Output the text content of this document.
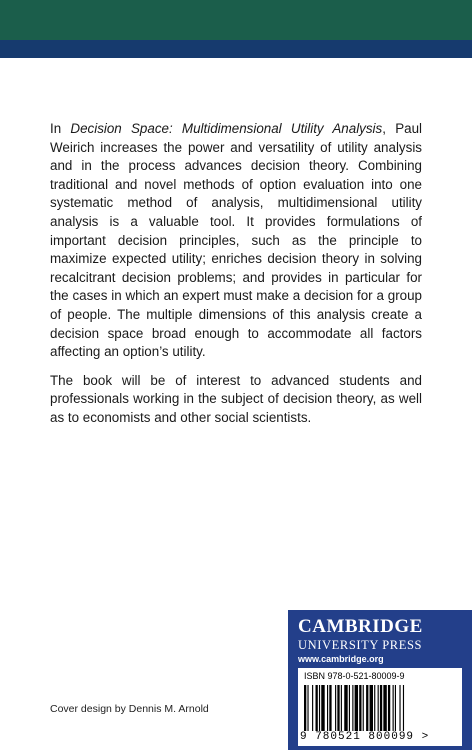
In Decision Space: Multidimensional Utility Analysis, Paul Weirich increases the power and versatility of utility analysis and in the process advances decision theory. Combining traditional and novel methods of option evaluation into one systematic method of analysis, multidimensional utility analysis is a valuable tool. It provides formulations of important decision principles, such as the principle to maximize expected utility; enriches decision theory in solving recalcitrant decision problems; and provides in particular for the cases in which an expert must make a decision for a group of people. The multiple dimensions of this analysis create a decision space broad enough to accommodate all factors affecting an option’s utility.

The book will be of interest to advanced students and professionals working in the subject of decision theory, as well as to economists and other social scientists.

Cover design by Dennis M. Arnold
CAMBRIDGE
UNIVERSITY PRESS
www.cambridge.org
ISBN 978-0-521-80009-9
9 780521 800099 >
